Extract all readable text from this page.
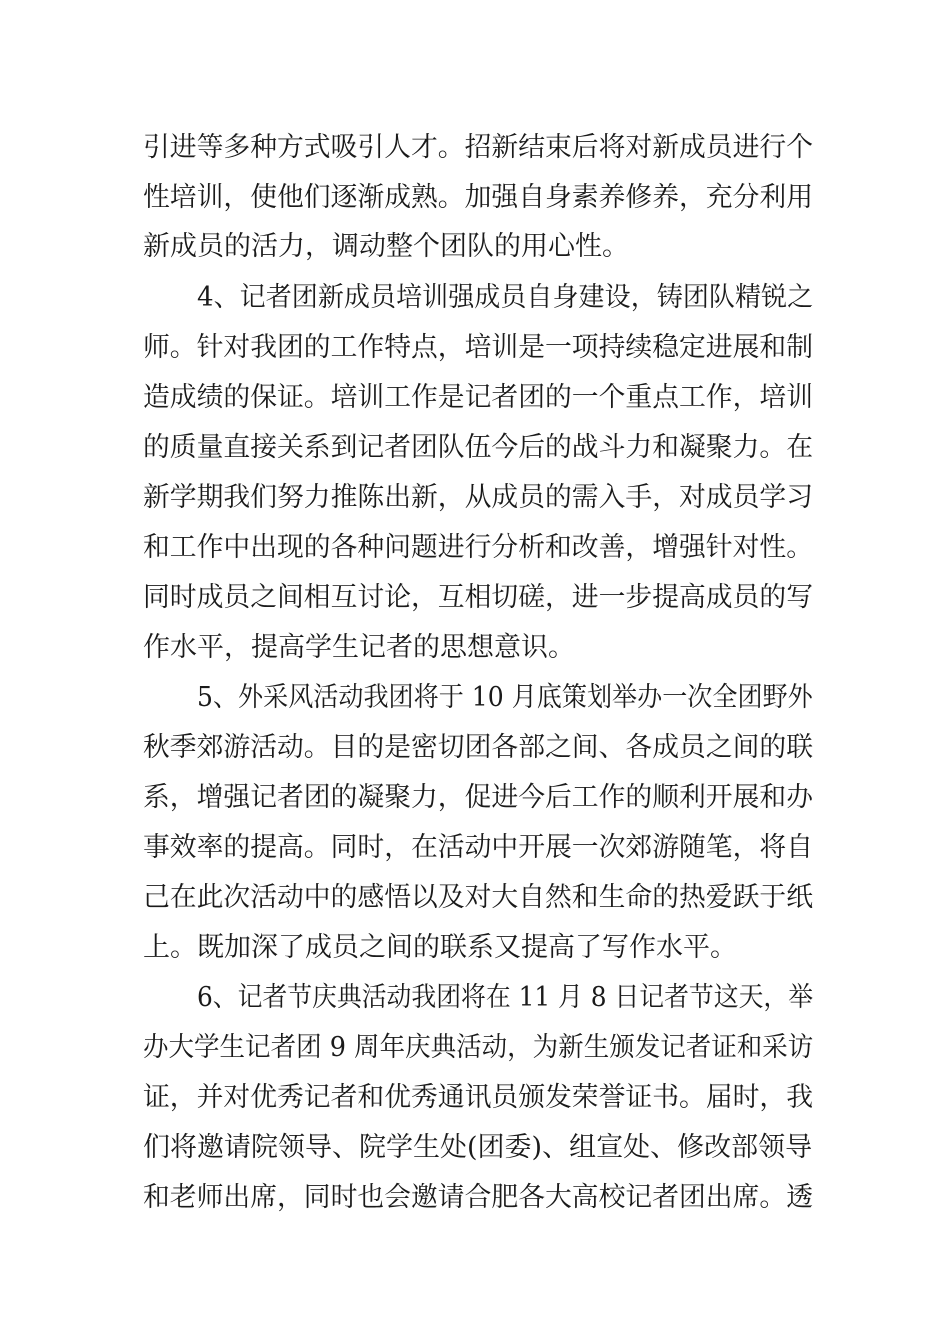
引进等多种方式吸引人才。招新结束后将对新成员进行个
性培训，使他们逐渐成熟。加强自身素养修养，充分利用
新成员的活力，调动整个团队的用心性。
4、记者团新成员培训强成员自身建设，铸团队精锐之
师。针对我团的工作特点，培训是一项持续稳定进展和制
造成绩的保证。培训工作是记者团的一个重点工作，培训
的质量直接关系到记者团队伍今后的战斗力和凝聚力。在
新学期我们努力推陈出新，从成员的需入手，对成员学习
和工作中出现的各种问题进行分析和改善，增强针对性。
同时成员之间相互讨论，互相切磋，进一步提高成员的写
作水平，提高学生记者的思想意识。
5、外采风活动我团将于 10 月底策划举办一次全团野外
秋季郊游活动。目的是密切团各部之间、各成员之间的联
系，增强记者团的凝聚力，促进今后工作的顺利开展和办
事效率的提高。同时，在活动中开展一次郊游随笔，将自
己在此次活动中的感悟以及对大自然和生命的热爱跃于纸
上。既加深了成员之间的联系又提高了写作水平。
6、记者节庆典活动我团将在 11 月 8 日记者节这天，举
办大学生记者团 9 周年庆典活动，为新生颁发记者证和采访
证，并对优秀记者和优秀通讯员颁发荣誉证书。届时，我
们将邀请院领导、院学生处(团委)、组宣处、修改部领导
和老师出席，同时也会邀请合肥各大高校记者团出席。透
